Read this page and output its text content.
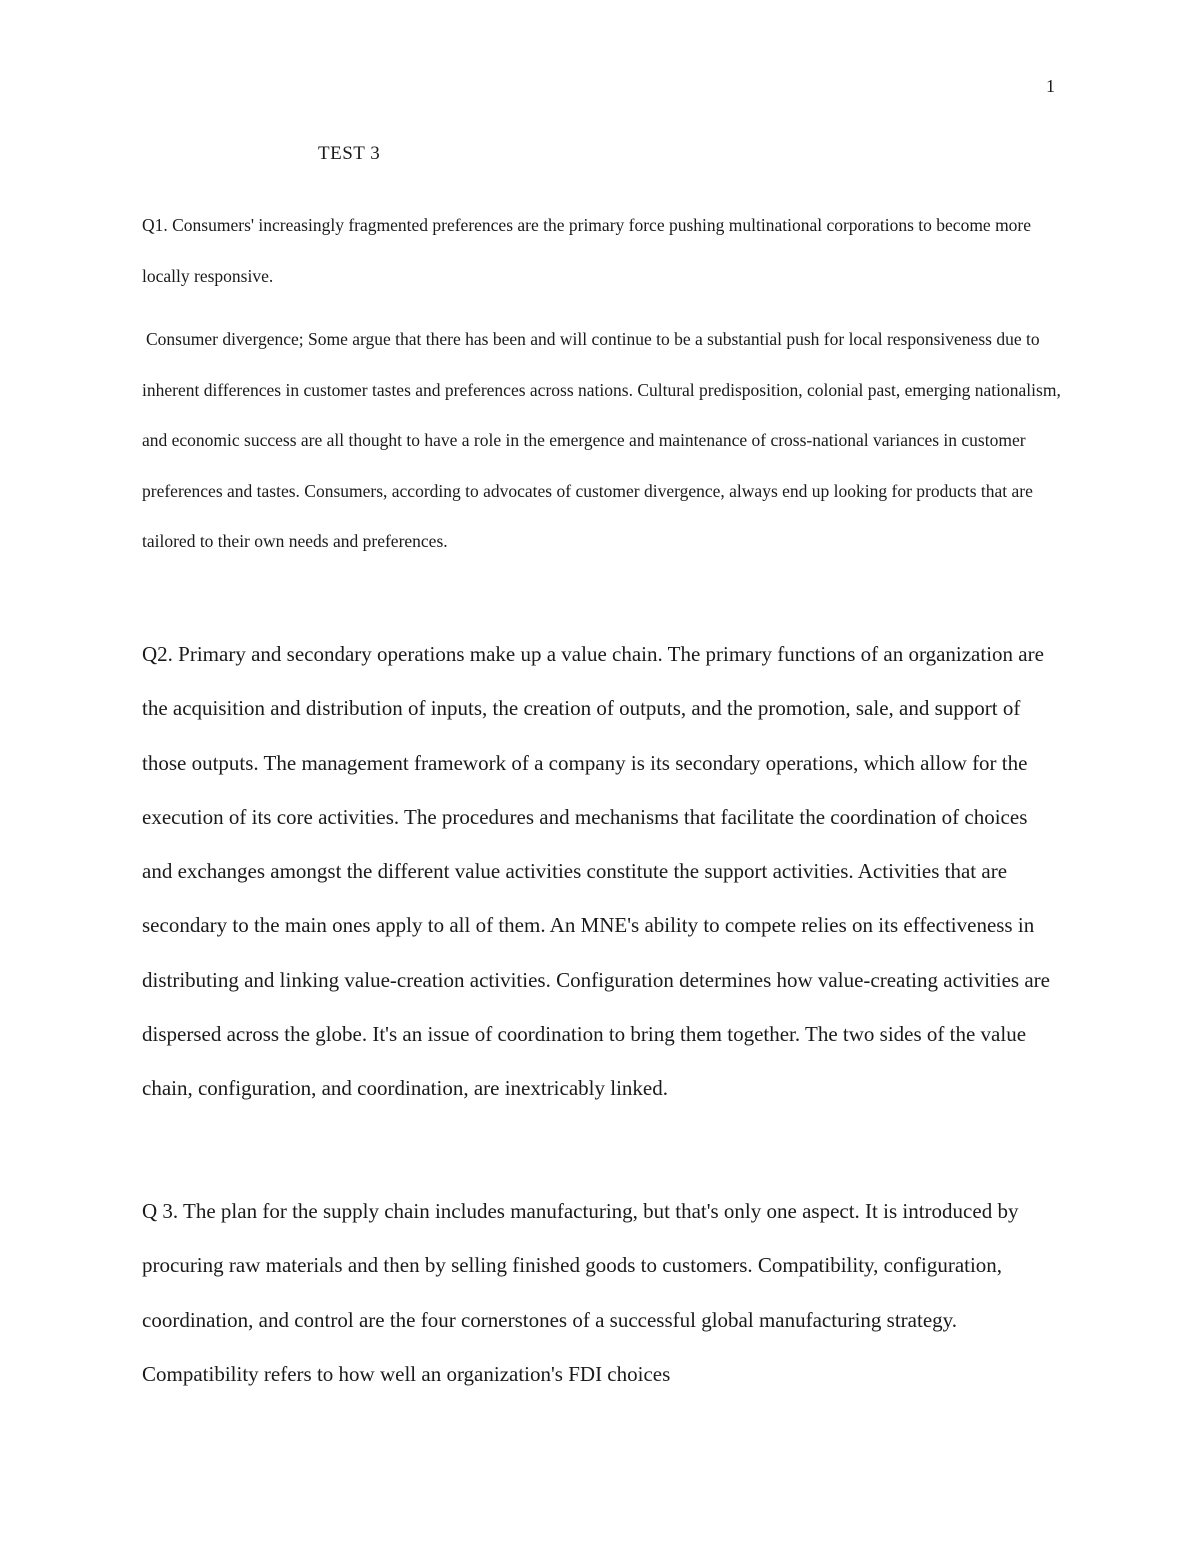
1
TEST 3

Q1. Consumers' increasingly fragmented preferences are the primary force pushing multinational corporations to become more locally responsive.

Consumer divergence; Some argue that there has been and will continue to be a substantial push for local responsiveness due to inherent differences in customer tastes and preferences across nations. Cultural predisposition, colonial past, emerging nationalism, and economic success are all thought to have a role in the emergence and maintenance of cross-national variances in customer preferences and tastes. Consumers, according to advocates of customer divergence, always end up looking for products that are tailored to their own needs and preferences.

Q2. Primary and secondary operations make up a value chain. The primary functions of an organization are the acquisition and distribution of inputs, the creation of outputs, and the promotion, sale, and support of those outputs. The management framework of a company is its secondary operations, which allow for the execution of its core activities. The procedures and mechanisms that facilitate the coordination of choices and exchanges amongst the different value activities constitute the support activities. Activities that are secondary to the main ones apply to all of them. An MNE's ability to compete relies on its effectiveness in distributing and linking value-creation activities. Configuration determines how value-creating activities are dispersed across the globe. It's an issue of coordination to bring them together. The two sides of the value chain, configuration, and coordination, are inextricably linked.

Q 3. The plan for the supply chain includes manufacturing, but that's only one aspect. It is introduced by procuring raw materials and then by selling finished goods to customers. Compatibility, configuration, coordination, and control are the four cornerstones of a successful global manufacturing strategy. Compatibility refers to how well an organization's FDI choices
